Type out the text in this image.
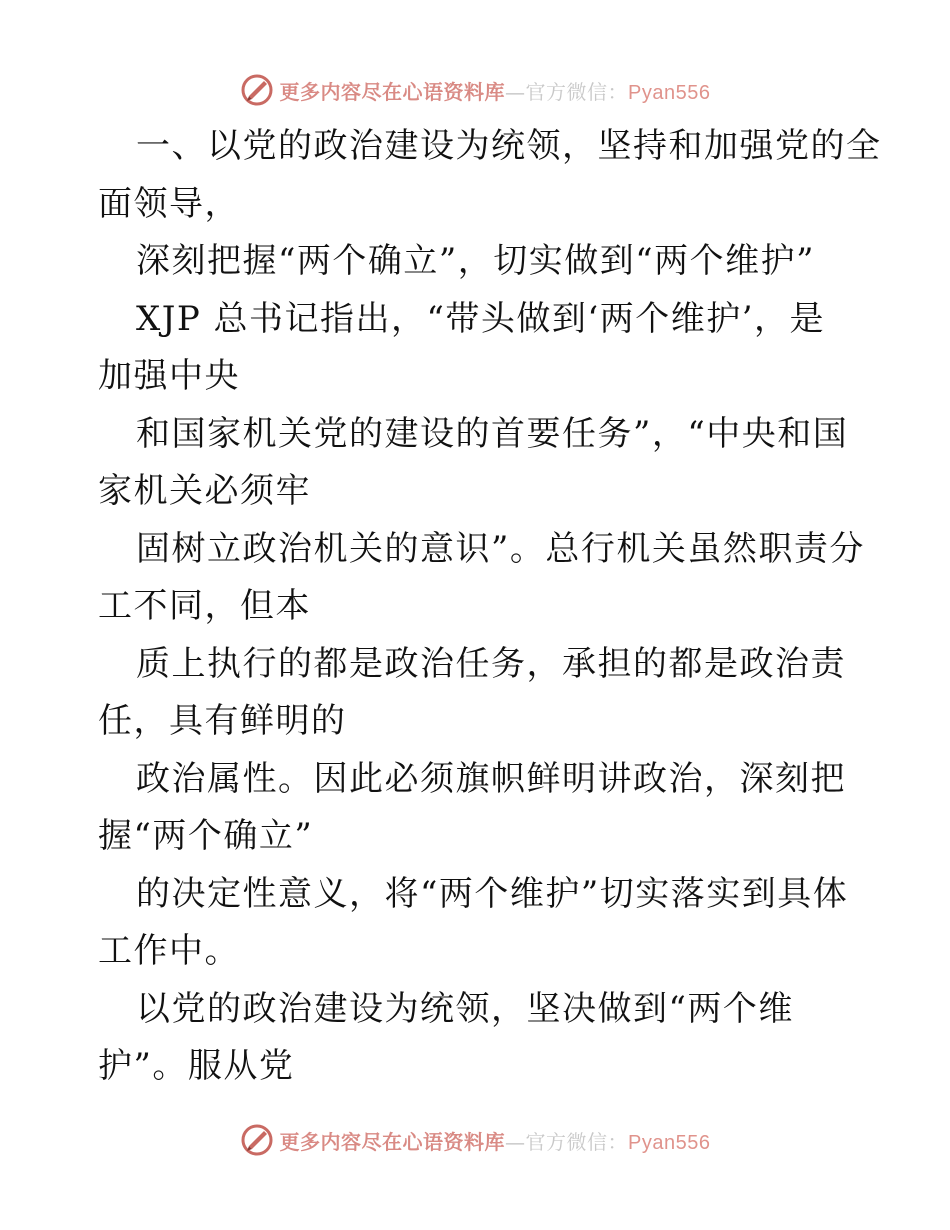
更多内容尽在心语资料库—官方微信：Pyan556
一、以党的政治建设为统领，坚持和加强党的全
面领导，
深刻把握“两个确立”，切实做到“两个维护”
XJP 总书记指出，“带头做到‘两个维护’，是
加强中央
和国家机关党的建设的首要任务”，“中央和国
家机关必须牢
固树立政治机关的意识”。总行机关虽然职责分
工不同，但本
质上执行的都是政治任务，承担的都是政治责
任，具有鲜明的
政治属性。因此必须旗帜鲜明讲政治，深刻把
握“两个确立”
的决定性意义，将“两个维护”切实落实到具体
工作中。
以党的政治建设为统领，坚决做到“两个维
护”。服从党
更多内容尽在心语资料库—官方微信：Pyan556
